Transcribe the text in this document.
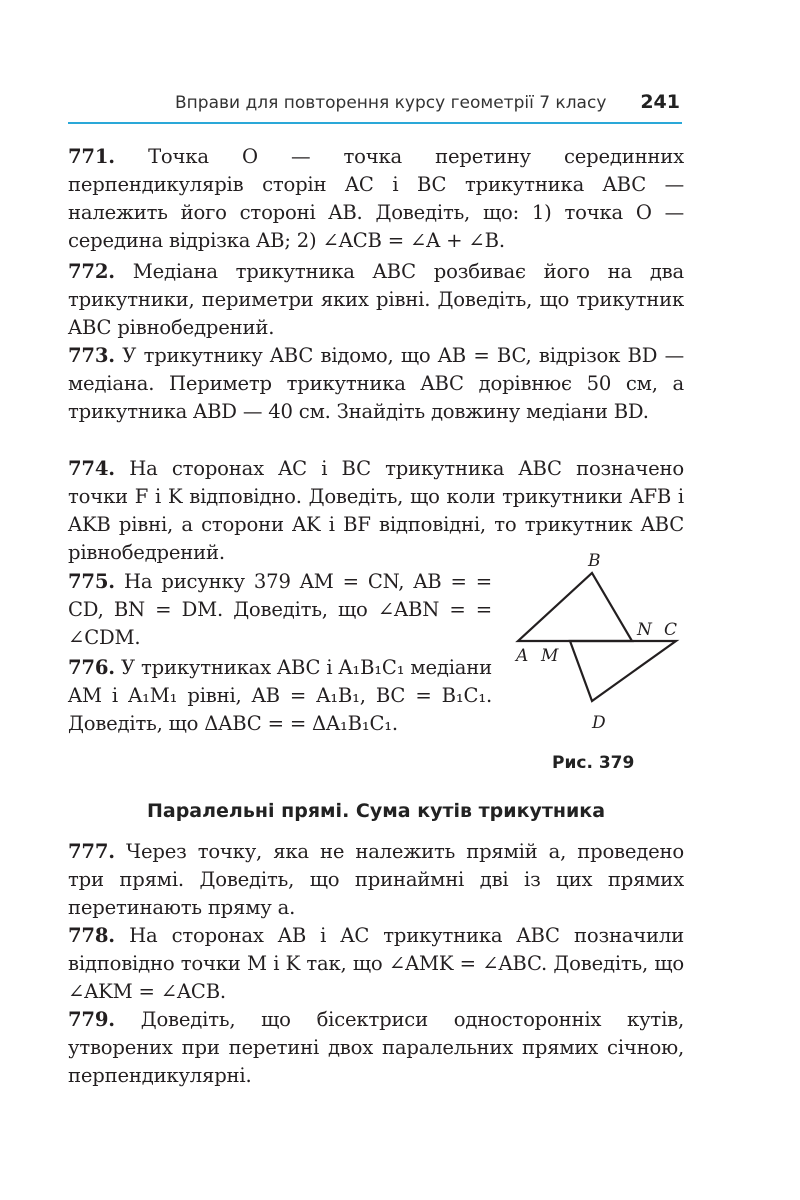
Вправи для повторення курсу геометрії 7 класу 241
771. Точка O — точка перетину серединних перпендикулярів сторін AC і BC трикутника ABC — належить його стороні AB. Доведіть, що: 1) точка O — середина відрізка AB; 2) ∠ACB = ∠A + ∠B.
772. Медіана трикутника ABC розбиває його на два трикутники, периметри яких рівні. Доведіть, що трикутник ABC рівнобедрений.
773. У трикутнику ABC відомо, що AB = BC, відрізок BD — медіана. Периметр трикутника ABC дорівнює 50 см, а трикутника ABD — 40 см. Знайдіть довжину медіани BD.
774. На сторонах AC і BC трикутника ABC позначено точки F і K відповідно. Доведіть, що коли трикутники AFB і AKB рівні, а сторони AK і BF відповідні, то трикутник ABC рівнобедрений.
775. На рисунку 379 AM = CN, AB = = CD, BN = DM. Доведіть, що ∠ABN = = ∠CDM.
776. У трикутниках ABC і A₁B₁C₁ медіани AM і A₁M₁ рівні, AB = A₁B₁, BC = B₁C₁. Доведіть, що ΔABC = = ΔA₁B₁C₁.
B
N C
A M
D
Рис. 379
Паралельні прямі. Сума кутів трикутника
777. Через точку, яка не належить прямій a, проведено три прямі. Доведіть, що принаймні дві із цих прямих перетинають пряму a.
778. На сторонах AB і AC трикутника ABC позначили відповідно точки M і K так, що ∠AMK = ∠ABC. Доведіть, що ∠AKM = ∠ACB.
779. Доведіть, що бісектриси односторонніх кутів, утворених при перетині двох паралельних прямих січною, перпендикулярні.
